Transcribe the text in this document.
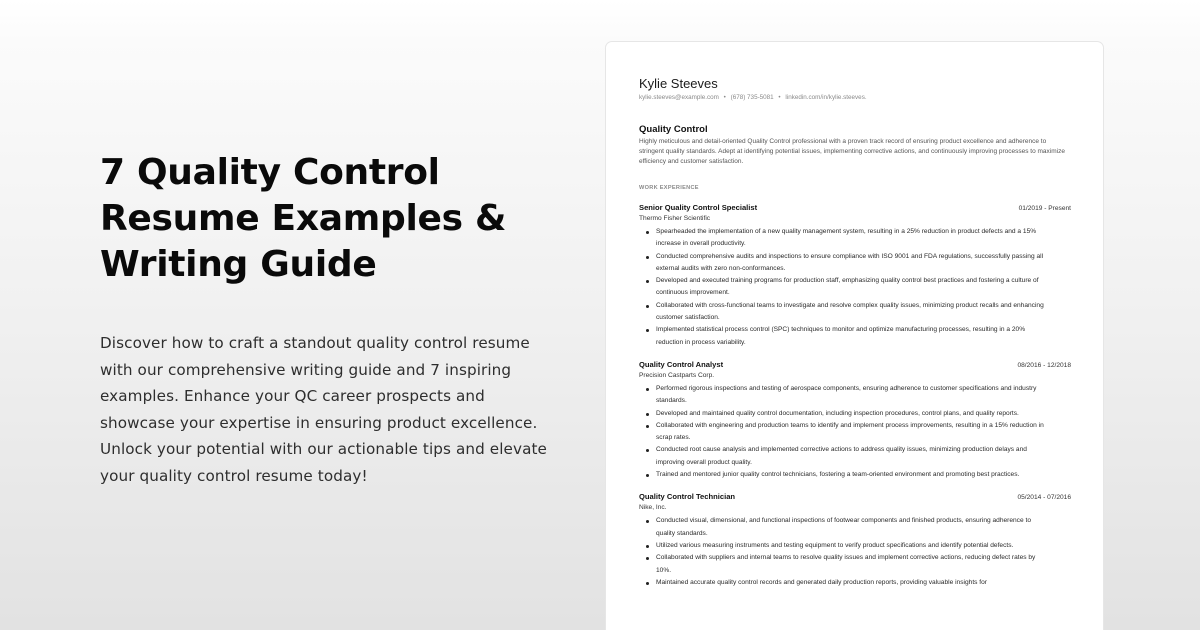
7 Quality Control
Resume Examples &
Writing Guide

Discover how to craft a standout quality control resume with our comprehensive writing guide and 7 inspiring examples. Enhance your QC career prospects and showcase your expertise in ensuring product excellence. Unlock your potential with our actionable tips and elevate your quality control resume today!

Kylie Steeves
kylie.steeves@example.com • (678) 735-5081 • linkedin.com/in/kylie.steeves.
Quality Control
Highly meticulous and detail-oriented Quality Control professional with a proven track record of ensuring product excellence and adherence to stringent quality standards. Adept at identifying potential issues, implementing corrective actions, and continuously improving processes to maximize efficiency and customer satisfaction.
WORK EXPERIENCE
Senior Quality Control Specialist	01/2019 - Present
Thermo Fisher Scientific
Spearheaded the implementation of a new quality management system, resulting in a 25% reduction in product defects and a 15% increase in overall productivity.
Conducted comprehensive audits and inspections to ensure compliance with ISO 9001 and FDA regulations, successfully passing all external audits with zero non-conformances.
Developed and executed training programs for production staff, emphasizing quality control best practices and fostering a culture of continuous improvement.
Collaborated with cross-functional teams to investigate and resolve complex quality issues, minimizing product recalls and enhancing customer satisfaction.
Implemented statistical process control (SPC) techniques to monitor and optimize manufacturing processes, resulting in a 20% reduction in process variability.
Quality Control Analyst	08/2016 - 12/2018
Precision Castparts Corp.
Performed rigorous inspections and testing of aerospace components, ensuring adherence to customer specifications and industry standards.
Developed and maintained quality control documentation, including inspection procedures, control plans, and quality reports.
Collaborated with engineering and production teams to identify and implement process improvements, resulting in a 15% reduction in scrap rates.
Conducted root cause analysis and implemented corrective actions to address quality issues, minimizing production delays and improving overall product quality.
Trained and mentored junior quality control technicians, fostering a team-oriented environment and promoting best practices.
Quality Control Technician	05/2014 - 07/2016
Nike, Inc.
Conducted visual, dimensional, and functional inspections of footwear components and finished products, ensuring adherence to quality standards.
Utilized various measuring instruments and testing equipment to verify product specifications and identify potential defects.
Collaborated with suppliers and internal teams to resolve quality issues and implement corrective actions, reducing defect rates by 10%.
Maintained accurate quality control records and generated daily production reports, providing valuable insights for
